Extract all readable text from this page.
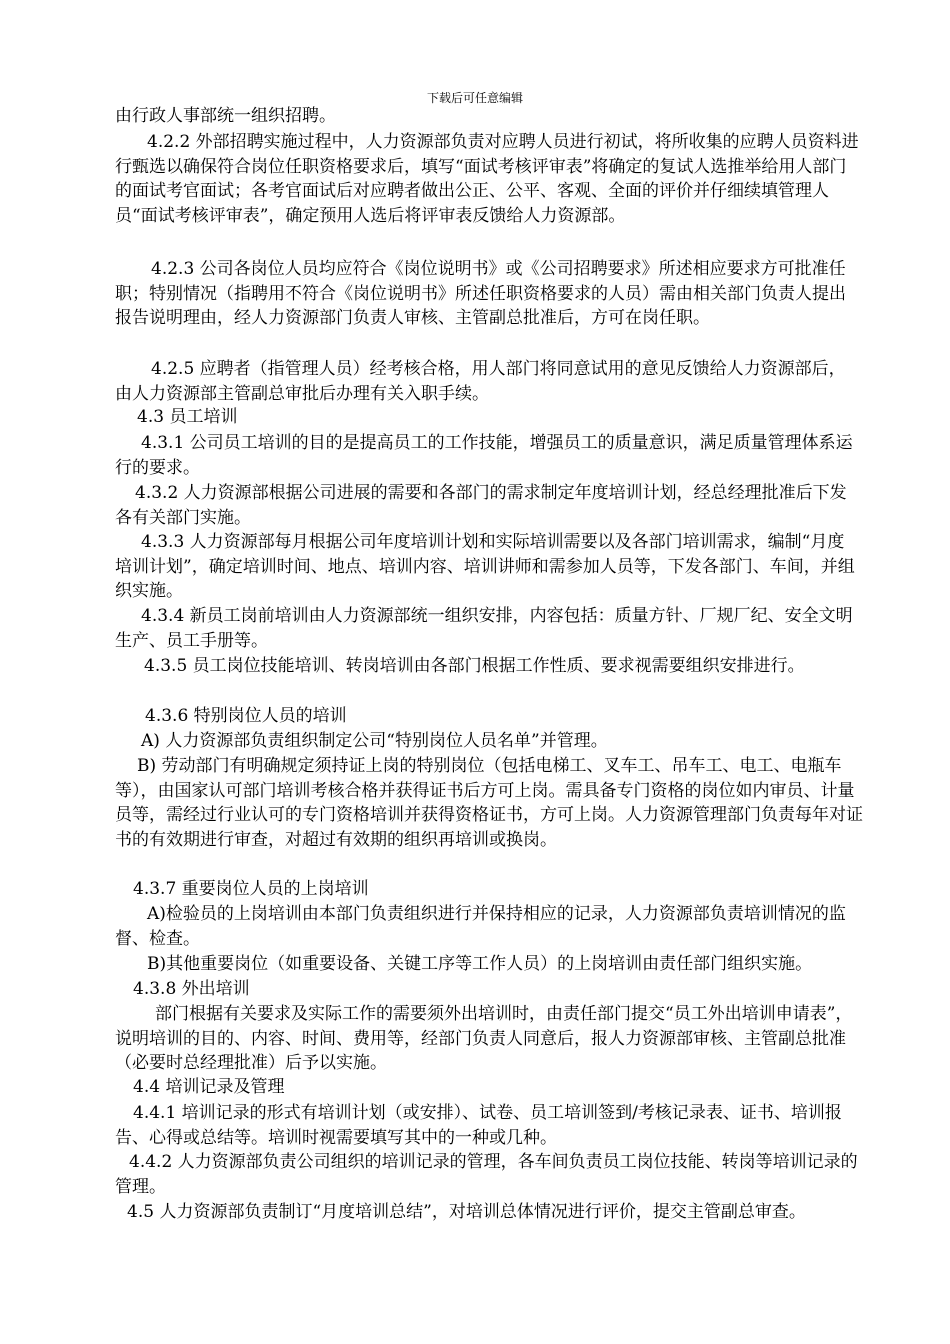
下载后可任意编辑
由行政人事部统一组织招聘。
4.2.2 外部招聘实施过程中，人力资源部负责对应聘人员进行初试，将所收集的应聘人员资料进行甄选以确保符合岗位任职资格要求后，填写“面试考核评审表”将确定的复试人选推举给用人部门的面试考官面试；各考官面试后对应聘者做出公正、公平、客观、全面的评价并仔细续填管理人员“面试考核评审表”，确定预用人选后将评审表反馈给人力资源部。
4.2.3 公司各岗位人员均应符合《岗位说明书》或《公司招聘要求》所述相应要求方可批准任职；特别情况（指聘用不符合《岗位说明书》所述任职资格要求的人员）需由相关部门负责人提出报告说明理由，经人力资源部门负责人审核、主管副总批准后，方可在岗任职。
4.2.5 应聘者（指管理人员）经考核合格，用人部门将同意试用的意见反馈给人力资源部后，由人力资源部主管副总审批后办理有关入职手续。
4.3 员工培训
4.3.1 公司员工培训的目的是提高员工的工作技能，增强员工的质量意识，满足质量管理体系运行的要求。
4.3.2 人力资源部根据公司进展的需要和各部门的需求制定年度培训计划，经总经理批准后下发各有关部门实施。
4.3.3 人力资源部每月根据公司年度培训计划和实际培训需要以及各部门培训需求，编制“月度培训计划”，确定培训时间、地点、培训内容、培训讲师和需参加人员等，下发各部门、车间，并组织实施。
4.3.4 新员工岗前培训由人力资源部统一组织安排，内容包括：质量方针、厂规厂纪、安全文明生产、员工手册等。
4.3.5 员工岗位技能培训、转岗培训由各部门根据工作性质、要求视需要组织安排进行。
4.3.6 特别岗位人员的培训
A) 人力资源部负责组织制定公司“特别岗位人员名单”并管理。
B) 劳动部门有明确规定须持证上岗的特别岗位（包括电梯工、叉车工、吊车工、电工、电瓶车等），由国家认可部门培训考核合格并获得证书后方可上岗。需具备专门资格的岗位如内审员、计量员等，需经过行业认可的专门资格培训并获得资格证书，方可上岗。人力资源管理部门负责每年对证书的有效期进行审查，对超过有效期的组织再培训或换岗。
4.3.7 重要岗位人员的上岗培训
A)检验员的上岗培训由本部门负责组织进行并保持相应的记录，人力资源部负责培训情况的监督、检查。
B)其他重要岗位（如重要设备、关键工序等工作人员）的上岗培训由责任部门组织实施。
4.3.8 外出培训
部门根据有关要求及实际工作的需要须外出培训时，由责任部门提交“员工外出培训申请表”，说明培训的目的、内容、时间、费用等，经部门负责人同意后，报人力资源部审核、主管副总批准（必要时总经理批准）后予以实施。
4.4 培训记录及管理
4.4.1 培训记录的形式有培训计划（或安排）、试卷、员工培训签到/考核记录表、证书、培训报告、心得或总结等。培训时视需要填写其中的一种或几种。
4.4.2 人力资源部负责公司组织的培训记录的管理，各车间负责员工岗位技能、转岗等培训记录的管理。
4.5 人力资源部负责制订“月度培训总结”，对培训总体情况进行评价，提交主管副总审查。
